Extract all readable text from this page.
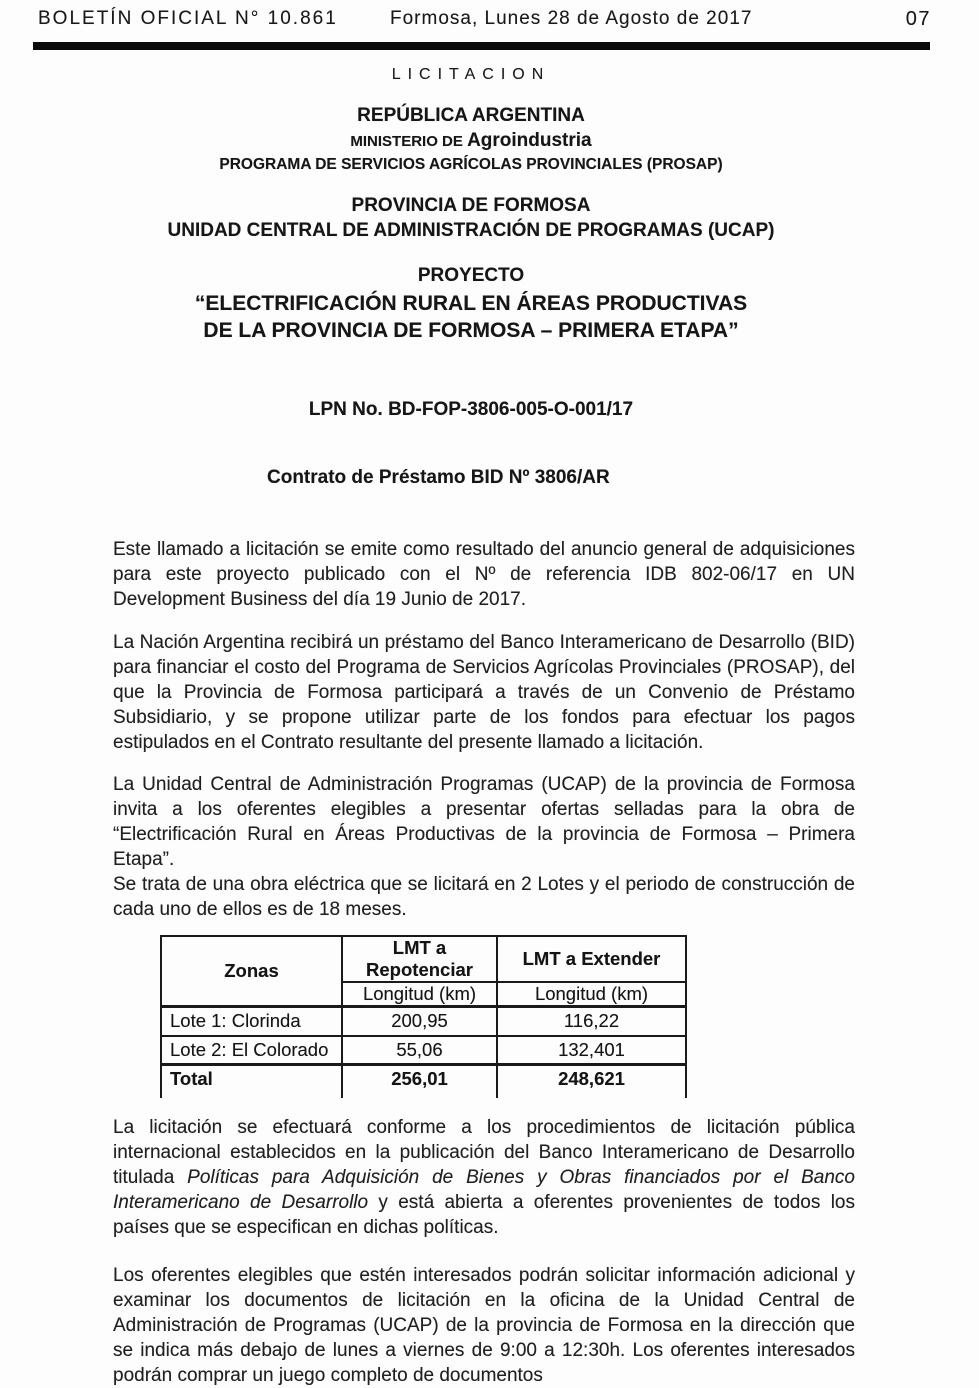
BOLETÍN OFICIAL N° 10.861	Formosa, Lunes 28 de Agosto de 2017	07
LICITACION
REPÚBLICA ARGENTINA
MINISTERIO DE Agroindustria
PROGRAMA DE SERVICIOS AGRÍCOLAS PROVINCIALES (PROSAP)
PROVINCIA DE FORMOSA
UNIDAD CENTRAL DE ADMINISTRACIÓN DE PROGRAMAS (UCAP)
PROYECTO
“ELECTRIFICACIÓN RURAL EN ÁREAS PRODUCTIVAS
DE LA PROVINCIA DE FORMOSA – PRIMERA ETAPA”
LPN No. BD-FOP-3806-005-O-001/17
Contrato de Préstamo BID Nº 3806/AR
Este llamado a licitación se emite como resultado del anuncio general de adquisiciones para este proyecto publicado con el Nº de referencia IDB 802-06/17 en UN Development Business del día 19 Junio de 2017.
La Nación Argentina recibirá un préstamo del Banco Interamericano de Desarrollo (BID) para financiar el costo del Programa de Servicios Agrícolas Provinciales (PROSAP), del que la Provincia de Formosa participará a través de un Convenio de Préstamo Subsidiario, y se propone utilizar parte de los fondos para efectuar los pagos estipulados en el Contrato resultante del presente llamado a licitación.
La Unidad Central de Administración Programas (UCAP) de la provincia de Formosa invita a los oferentes elegibles a presentar ofertas selladas para la obra de “Electrificación Rural en Áreas Productivas de la provincia de Formosa – Primera Etapa”.
Se trata de una obra eléctrica que se licitará en 2 Lotes y el periodo de construcción de cada uno de ellos es de 18 meses.
Zonas	LMT a Repotenciar	LMT a Extender
	Longitud (km)	Longitud (km)
Lote 1: Clorinda	200,95	116,22
Lote 2: El Colorado	55,06	132,401
Total	256,01	248,621

La licitación se efectuará conforme a los procedimientos de licitación pública internacional establecidos en la publicación del Banco Interamericano de Desarrollo titulada Políticas para Adquisición de Bienes y Obras financiados por el Banco Interamericano de Desarrollo y está abierta a oferentes provenientes de todos los países que se especifican en dichas políticas.
Los oferentes elegibles que estén interesados podrán solicitar información adicional y examinar los documentos de licitación en la oficina de la Unidad Central de Administración de Programas (UCAP) de la provincia de Formosa en la dirección que se indica más debajo de lunes a viernes de 9:00 a 12:30h. Los oferentes interesados podrán comprar un juego completo de documentos
